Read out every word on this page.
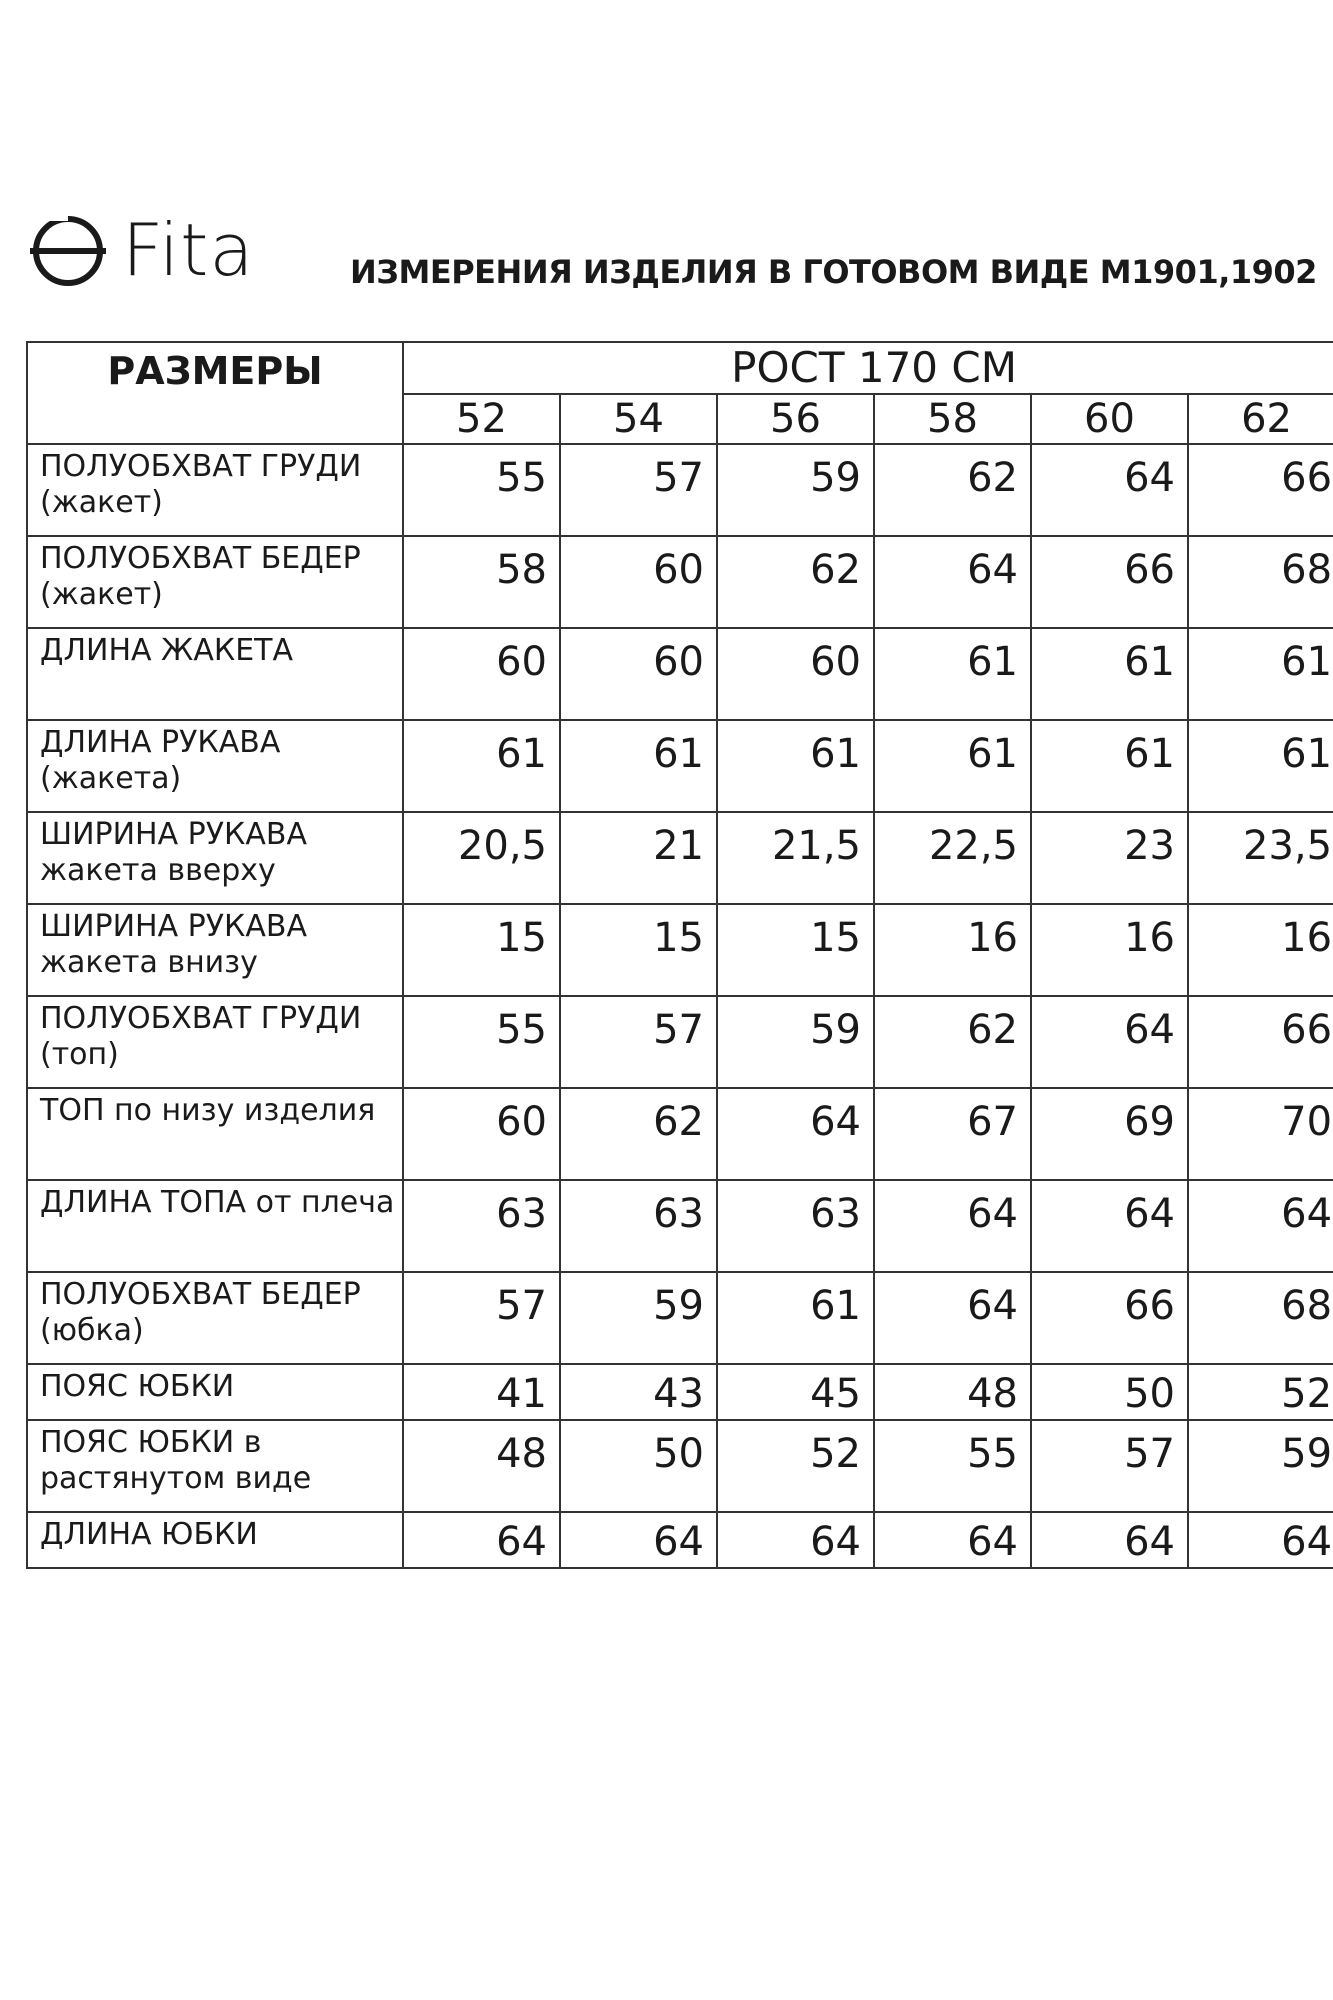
Fita	ИЗМЕРЕНИЯ ИЗДЕЛИЯ В ГОТОВОМ ВИДЕ М1901,1902
РАЗМЕРЫ	РОСТ 170 СМ					
	52	54	56	58	60	62
ПОЛУОБХВАТ ГРУДИ (жакет)	55	57	59	62	64	66
ПОЛУОБХВАТ БЕДЕР (жакет)	58	60	62	64	66	68
ДЛИНА ЖАКЕТА	60	60	60	61	61	61
ДЛИНА РУКАВА (жакета)	61	61	61	61	61	61
ШИРИНА РУКАВА жакета вверху	20,5	21	21,5	22,5	23	23,5
ШИРИНА РУКАВА жакета внизу	15	15	15	16	16	16
ПОЛУОБХВАТ ГРУДИ (топ)	55	57	59	62	64	66
ТОП по низу изделия	60	62	64	67	69	70
ДЛИНА ТОПА от плеча	63	63	63	64	64	64
ПОЛУОБХВАТ БЕДЕР (юбка)	57	59	61	64	66	68
ПОЯС ЮБКИ	41	43	45	48	50	52
ПОЯС ЮБКИ в растянутом виде	48	50	52	55	57	59
ДЛИНА ЮБКИ	64	64	64	64	64	64
